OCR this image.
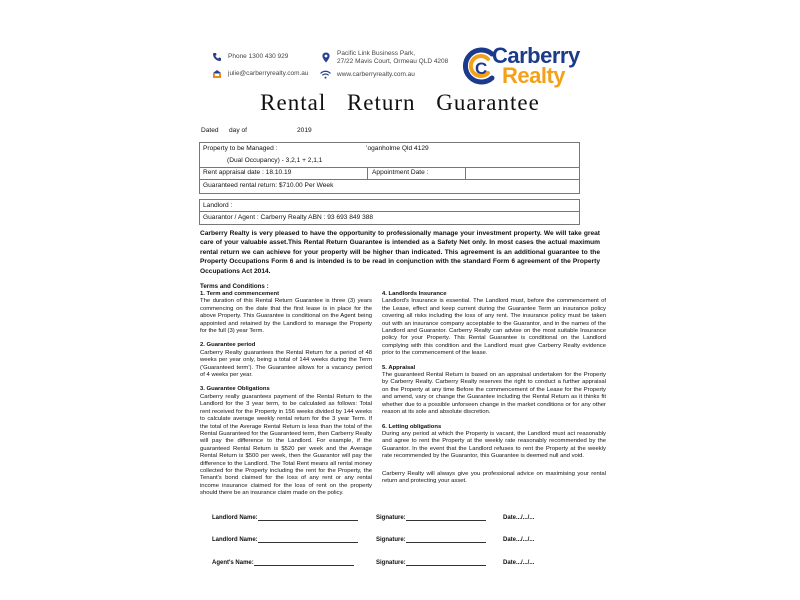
Phone 1300 430 929
julie@carberryrealty.com.au
Pacific Link Business Park,
27/22 Mavis Court, Ormeau QLD 4208
www.carberryrealty.com.au	C
Carberry
Realty
Rental Return Guarantee
Dated day of	2019
Property to be Managed :	’oganholme Qld 4129
(Dual Occupancy) - 3,2,1 + 2,1,1
Rent appraisal date : 18.10.19	Appointment Date :
Guaranteed rental return: $710.00 Per Week
Landlord :
Guarantor / Agent : Carberry Realty ABN : 93 693 849 388
Carberry Realty is very pleased to have the opportunity to professionally manage your investment property. We will take great care of your valuable asset.This Rental Return Guarantee is intended as a Safety Net only. In most cases the actual maximum rental return we can achieve for your property will be higher than indicated. This agreement is an additional guarantee to the Property Occupations Form 6 and is intended is to be read in conjunction with the standard Form 6 agreement of the Property Occupations Act 2014.
Terms and Conditions :
1. Term and commencement

The duration of this Rental Return Guarantee is three (3) years commencing on the date that the first lease is in place for the above Property. This Guarantee is conditional on the Agent being appointed and retained by the Landlord to manage the Property for the full (3) year Term.

2. Guarantee period

Carberry Realty guarantees the Rental Return for a period of 48 weeks per year only, being a total of 144 weeks during the Term ('Guaranteed term'). The Guarantee allows for a vacancy period of 4 weeks per year.

3. Guarantee Obligations

Carberry really guarantees payment of the Rental Return to the Landlord for the 3 year term, to be calculated as follows: Total rent received for the Property in 156 weeks divided by 144 weeks to calculate average weekly rental return for the 3 year Term. If the total of the Average Rental Return is less than the total of the Rental Guaranteed for the Guaranteed term, then Carberry Realty will pay the difference to the Landlord. For example, if the guaranteed Rental Return is $520 per week and the Average Rental Return is $500 per week, then the Guarantor will pay the difference to the Landlord. The Total Rent means all rental money collected for the Property including the rent for the Property, the Tenant's bond claimed for the loss of any rent or any rental income insurance claimed for the loss of rent on the property should there be an insurance claim made on the policy.

4. Landlords Insurance

Landlord's Insurance is essential. The Landlord must, before the commencement of the Lease, effect and keep current during the Guarantee Term an insurance policy covering all risks including the loss of any rent. The insurance policy must be taken out with an insurance company acceptable to the Guarantor, and in the names of the Landlord and Guarantor. Carberry Realty can advise on the most suitable Insurance policy for your Property. This Rental Guarantee is conditional on the Landlord complying with this condition and the Landlord must give Carberry Realty evidence prior to the commencement of the lease.

5. Appraisal

The guaranteed Rental Return is based on an appraisal undertaken for the Property by Carberry Realty. Carberry Realty reserves the right to conduct a further appraisal on the Property at any time Before the commencement of the Lease for the Property and amend, vary or change the Guarantee including the Rental Return as it thinks fit whether due to a possible unforseen change in the market conditions or for any other reason at its sole and absolute discretion.

6. Letting obligations

During any period at which the Property is vacant, the Landlord must act reasonably and agree to rent the Property at the weekly rate reasonably recommended by the Guarantor. In the event that the Landlord refuses to rent the Property at the weekly rate recommended by the Guarantor, this Guarantee is deemed null and void.

Carberry Realty will always give you professional advice on maximising your rental return and protecting your asset.

Landlord Name:	Signature:	Date.../.../...
Landlord Name:	Signature:	Date.../.../...
Agent's Name:	Signature:	Date.../.../...
